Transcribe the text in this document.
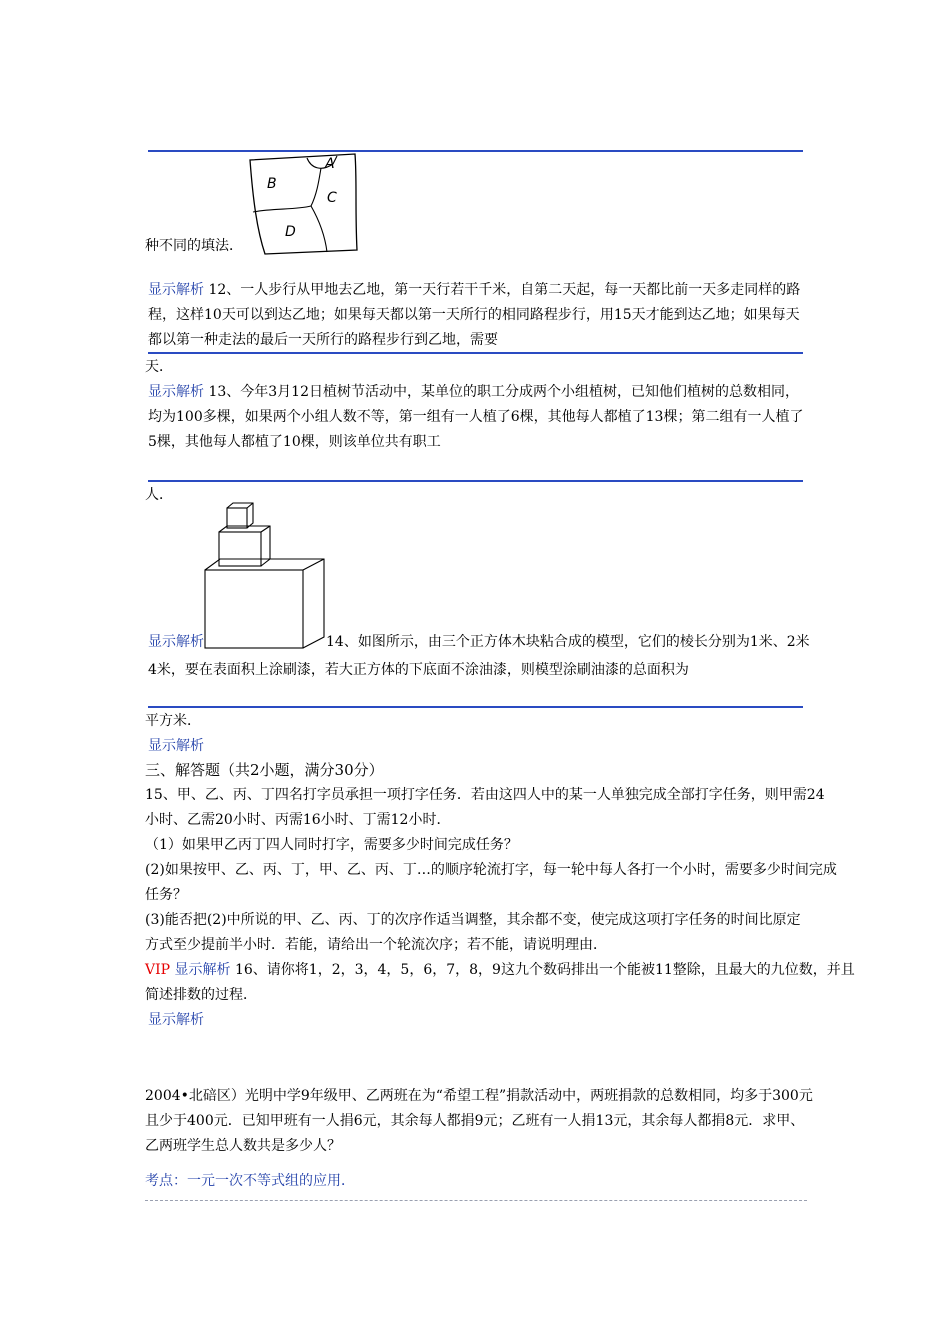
A
B
C
D
种不同的填法．
显示解析 12、一人步行从甲地去乙地，第一天行若干千米，自第二天起，每一天都比前一天多走同样的路
程，这样10天可以到达乙地；如果每天都以第一天所行的相同路程步行，用15天才能到达乙地；如果每天
都以第一种走法的最后一天所行的路程步行到乙地，需要
天．
显示解析 13、今年3月12日植树节活动中，某单位的职工分成两个小组植树，已知他们植树的总数相同，
均为100多棵，如果两个小组人数不等，第一组有一人植了6棵，其他每人都植了13棵；第二组有一人植了
5棵，其他每人都植了10棵，则该单位共有职工
人．
显示解析	14、如图所示，由三个正方体木块粘合成的模型，它们的棱长分别为1米、2米
4米，要在表面积上涂刷漆，若大正方体的下底面不涂油漆，则模型涂刷油漆的总面积为
平方米．
显示解析
三、解答题（共2小题，满分30分）
15、甲、乙、丙、丁四名打字员承担一项打字任务．若由这四人中的某一人单独完成全部打字任务，则甲需24
小时、乙需20小时、丙需16小时、丁需12小时．
（1）如果甲乙丙丁四人同时打字，需要多少时间完成任务？
(2)如果按甲、乙、丙、丁，甲、乙、丙、丁…的顺序轮流打字，每一轮中每人各打一个小时，需要多少时间完成
任务？
(3)能否把(2)中所说的甲、乙、丙、丁的次序作适当调整，其余都不变，使完成这项打字任务的时间比原定
方式至少提前半小时．若能，请给出一个轮流次序；若不能，请说明理由．
VIP 显示解析 16、请你将1，2，3，4，5，6，7，8，9这九个数码排出一个能被11整除，且最大的九位数，并且
简述排数的过程．
显示解析
2004•北碚区）光明中学9年级甲、乙两班在为“希望工程”捐款活动中，两班捐款的总数相同，均多于300元
且少于400元．已知甲班有一人捐6元，其余每人都捐9元；乙班有一人捐13元，其余每人都捐8元．求甲、
乙两班学生总人数共是多少人？
考点：一元一次不等式组的应用．
